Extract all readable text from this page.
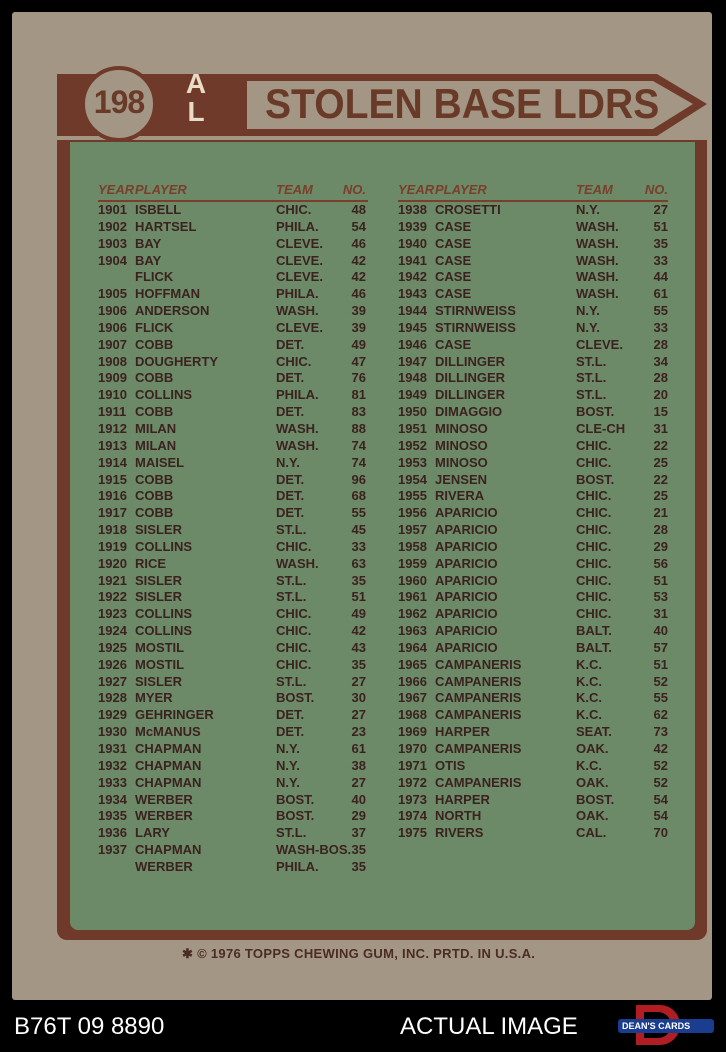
198
A
L STOLEN BASE LDRS
YEAR PLAYER	TEAM NO.
1901 ISBELL	CHIC.	48
1902 HARTSEL	PHILA.	54
1903 BAY	CLEVE. 46
1904 BAY	CLEVE. 42
FLICK	CLEVE. 42
1905 HOFFMAN	PHILA.	46
1906 ANDERSON	WASH.	39
1906 FLICK	CLEVE. 39
1907 COBB	DET.	49
1908 DOUGHERTY	CHIC.	47
1909 COBB	DET.	76
1910 COLLINS	PHILA.	81
1911 COBB	DET.	83
1912 MILAN	WASH.	88
1913 MILAN	WASH.	74
1914 MAISEL	N.Y.	74
1915 COBB	DET.	96
1916 COBB	DET.	68
1917 COBB	DET.	55
1918 SISLER	ST.L.	45
1919 COLLINS	CHIC.	33
1920 RICE	WASH.	63
1921 SISLER	ST.L.	35
1922 SISLER	ST.L.	51
1923 COLLINS	CHIC.	49
1924 COLLINS	CHIC.	42
1925 MOSTIL	CHIC.	43
1926 MOSTIL	CHIC.	35
1927 SISLER	ST.L.	27
1928 MYER	BOST.	30
1929 GEHRINGER	DET.	27
1930 McMANUS	DET.	23
1931 CHAPMAN	N.Y.	61
1932 CHAPMAN	N.Y.	38
1933 CHAPMAN	N.Y.	27
1934 WERBER	BOST.	40
1935 WERBER	BOST.	29
1936 LARY	ST.L.	37
1937 CHAPMAN	WASH-BOS. 35
WERBER	PHILA.	35
YEAR PLAYER	TEAM NO.
1938 CROSETTI	N.Y.	27
1939 CASE	WASH.	51
1940 CASE	WASH.	35
1941 CASE	WASH.	33
1942 CASE	WASH.	44
1943 CASE	WASH.	61
1944 STIRNWEISS	N.Y.	55
1945 STIRNWEISS	N.Y.	33
1946 CASE	CLEVE. 28
1947 DILLINGER	ST.L.	34
1948 DILLINGER	ST.L.	28
1949 DILLINGER	ST.L.	20
1950 DIMAGGIO	BOST.	15
1951 MINOSO	CLE-CH 31
1952 MINOSO	CHIC.	22
1953 MINOSO	CHIC.	25
1954 JENSEN	BOST.	22
1955 RIVERA	CHIC.	25
1956 APARICIO	CHIC.	21
1957 APARICIO	CHIC.	28
1958 APARICIO	CHIC.	29
1959 APARICIO	CHIC.	56
1960 APARICIO	CHIC.	51
1961 APARICIO	CHIC.	53
1962 APARICIO	CHIC.	31
1963 APARICIO	BALT.	40
1964 APARICIO	BALT.	57
1965 CAMPANERIS	K.C.	51
1966 CAMPANERIS	K.C.	52
1967 CAMPANERIS	K.C.	55
1968 CAMPANERIS	K.C.	62
1969 HARPER	SEAT.	73
1970 CAMPANERIS	OAK.	42
1971 OTIS	K.C.	52
1972 CAMPANERIS	OAK.	52
1973 HARPER	BOST.	54
1974 NORTH	OAK.	54
1975 RIVERS	CAL.	70
✱ © 1976 TOPPS CHEWING GUM, INC. PRTD. IN U.S.A.
B76T 09 8890	ACTUAL IMAGE	DEAN'S CARDS
